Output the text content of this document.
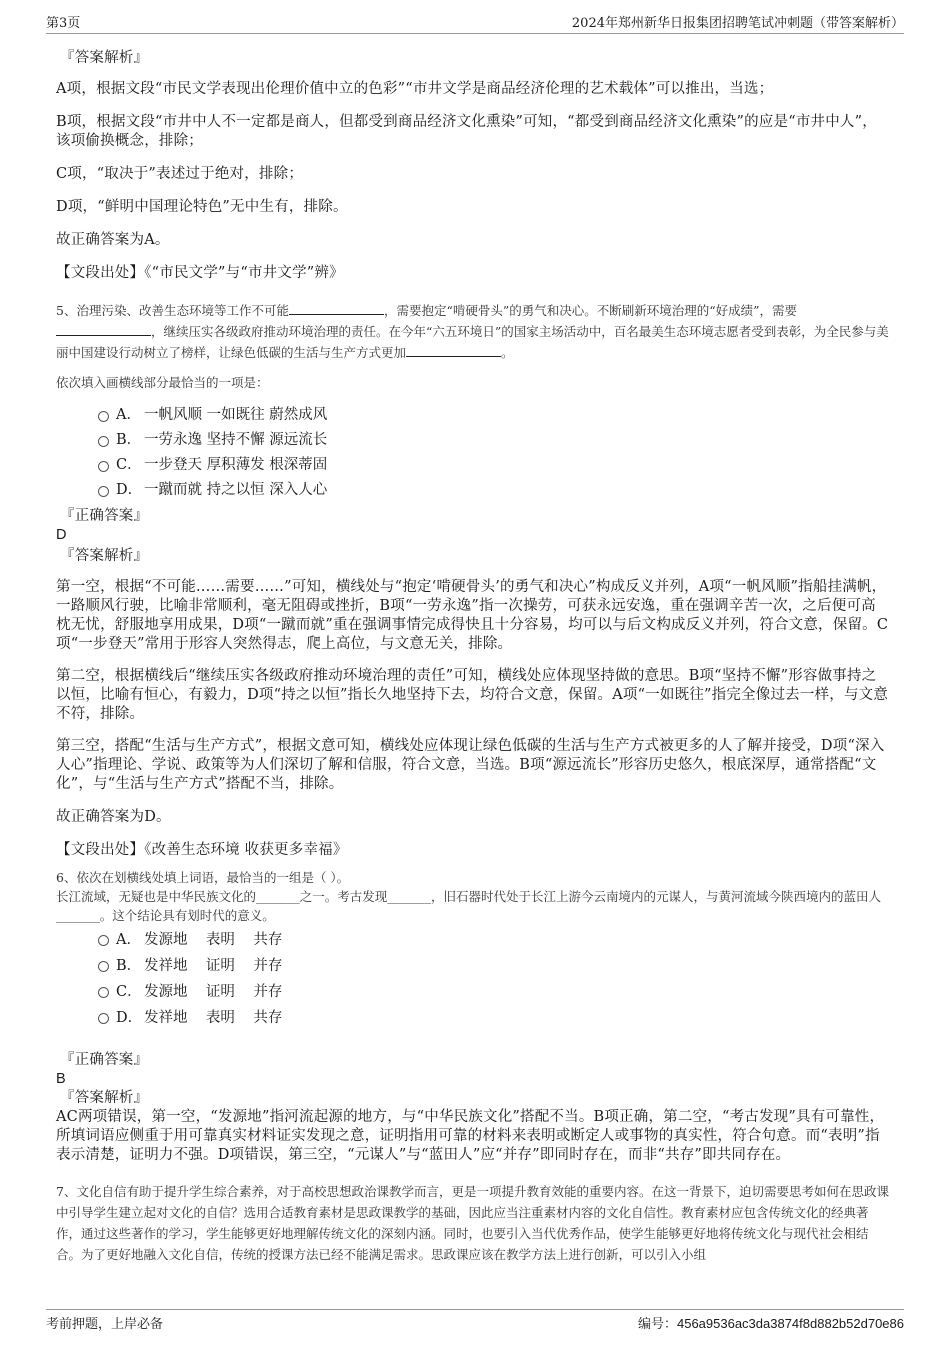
第3页	2024年郑州新华日报集团招聘笔试冲刺题（带答案解析）

『答案解析』

A项，根据文段“市民文学表现出伦理价值中立的色彩”“市井文学是商品经济伦理的艺术载体”可以推出，当选；

B项，根据文段“市井中人不一定都是商人，但都受到商品经济文化熏染”可知，“都受到商品经济文化熏染”的应是“市井中人”，该项偷换概念，排除；

C项，“取决于”表述过于绝对，排除；

D项，“鲜明中国理论特色”无中生有，排除。

故正确答案为A。

【文段出处】《“市民文学”与“市井文学”辨》

5、治理污染、改善生态环境等工作不可能	，需要抱定“啃硬骨头”的勇气和决心。不断刷新环境治理的“好成绩”，需要，继续压实各级政府推动环境治理的责任。在今年“六五环境日”的国家主场活动中，百名最美生态环境志愿者受到表彰，为全民参与美丽中国建设行动树立了榜样，让绿色低碳的生活与生产方式更加	。

依次填入画横线部分最恰当的一项是：

A． 一帆风顺 一如既往 蔚然成风
B． 一劳永逸 坚持不懈 源远流长
C． 一步登天 厚积薄发 根深蒂固
D． 一蹴而就 持之以恒 深入人心

『正确答案』

D

『答案解析』

第一空，根据“不可能……需要……”可知，横线处与“抱定‘啃硬骨头’的勇气和决心”构成反义并列，A项“一帆风顺”指船挂满帆，一路顺风行驶，比喻非常顺利，毫无阻碍或挫折，B项“一劳永逸”指一次操劳，可获永远安逸，重在强调辛苦一次，之后便可高枕无忧，舒服地享用成果，D项“一蹴而就”重在强调事情完成得快且十分容易，均可以与后文构成反义并列，符合文意，保留。C项“一步登天”常用于形容人突然得志，爬上高位，与文意无关，排除。

第二空，根据横线后“继续压实各级政府推动环境治理的责任”可知，横线处应体现坚持做的意思。B项“坚持不懈”形容做事持之以恒，比喻有恒心，有毅力，D项“持之以恒”指长久地坚持下去，均符合文意，保留。A项“一如既往”指完全像过去一样，与文意不符，排除。

第三空，搭配“生活与生产方式”，根据文意可知，横线处应体现让绿色低碳的生活与生产方式被更多的人了解并接受，D项“深入人心”指理论、学说、政策等为人们深切了解和信服，符合文意，当选。B项“源远流长”形容历史悠久，根底深厚，通常搭配“文化”，与“生活与生产方式”搭配不当，排除。

故正确答案为D。

【文段出处】《改善生态环境 收获更多幸福》

6、依次在划横线处填上词语，最恰当的一组是（ ）。

长江流域，无疑也是中华民族文化的_______之一。考古发现_______，旧石器时代处于长江上游今云南境内的元谋人，与黄河流域今陕西境内的蓝田人_______。这个结论具有划时代的意义。

A． 发源地    表明    共存
B． 发祥地    证明    并存
C． 发源地    证明    并存
D． 发祥地    表明    共存

『正确答案』

B

『答案解析』

AC两项错误，第一空，“发源地”指河流起源的地方，与“中华民族文化”搭配不当。B项正确，第二空，“考古发现”具有可靠性，所填词语应侧重于用可靠真实材料证实发现之意，证明指用可靠的材料来表明或断定人或事物的真实性，符合句意。而“表明”指表示清楚，证明力不强。D项错误，第三空，“元谋人”与“蓝田人”应“并存”即同时存在，而非“共存”即共同存在。

7、文化自信有助于提升学生综合素养，对于高校思想政治课教学而言，更是一项提升教育效能的重要内容。在这一背景下，迫切需要思考如何在思政课中引导学生建立起对文化的自信？选用合适教育素材是思政课教学的基础，因此应当注重素材内容的文化自信性。教育素材应包含传统文化的经典著作，通过这些著作的学习，学生能够更好地理解传统文化的深刻内涵。同时，也要引入当代优秀作品，使学生能够更好地将传统文化与现代社会相结合。为了更好地融入文化自信，传统的授课方法已经不能满足需求。思政课应该在教学方法上进行创新，可以引入小组

考前押题，上岸必备	编号：456a9536ac3da3874f8d882b52d70e86
